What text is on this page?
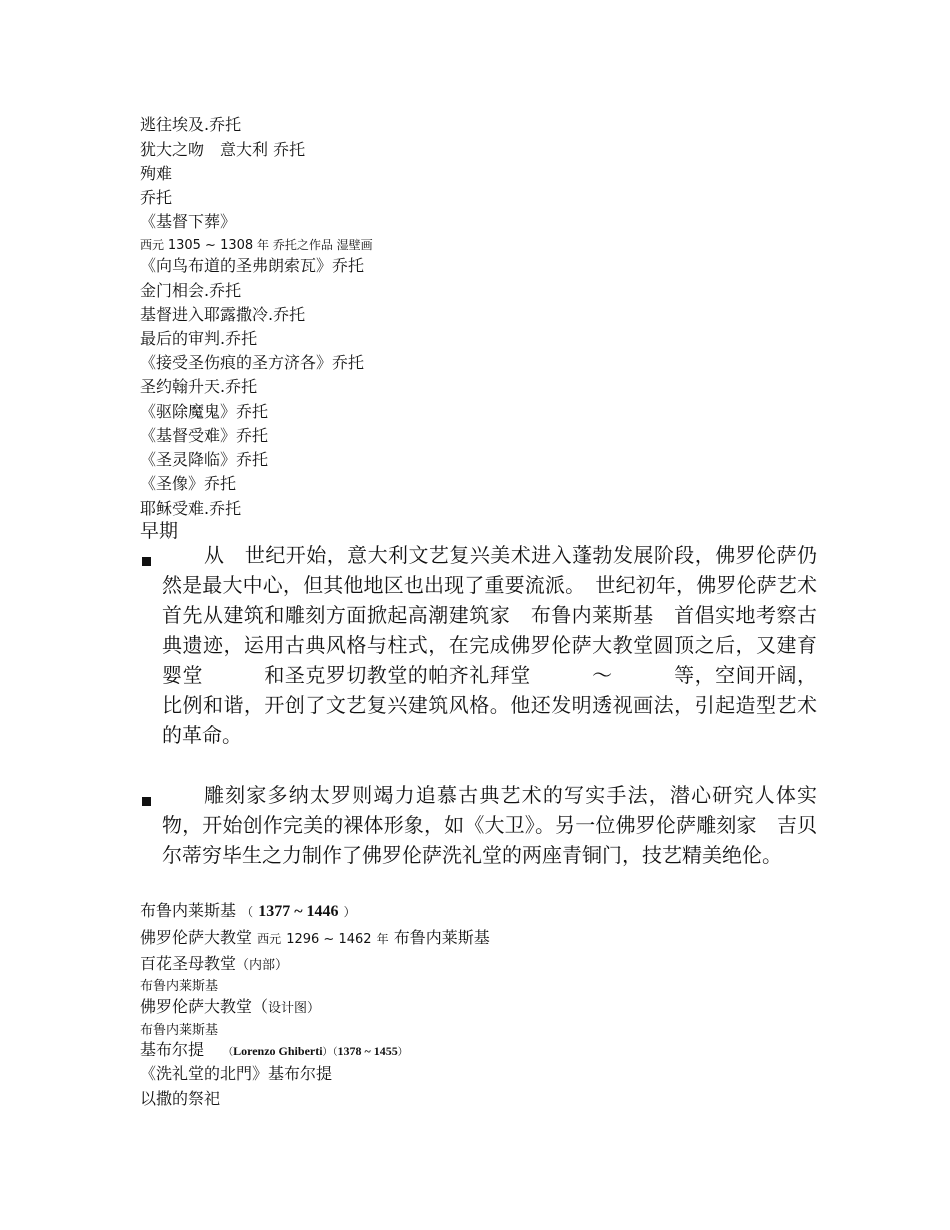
逃往埃及.乔托
犹大之吻　意大利 乔托
殉难
乔托
《基督下葬》
西元 1305 ~ 1308 年 乔托之作品 湿壁画
《向鸟布道的圣弗朗索瓦》乔托
金门相会.乔托
基督进入耶露撒冷.乔托
最后的审判.乔托
《接受圣伤痕的圣方济各》乔托
圣约翰升天.乔托
《驱除魔鬼》乔托
《基督受难》乔托
《圣灵降临》乔托
《圣像》乔托
耶稣受难.乔托
早期
从　世纪开始，意大利文艺复兴美术进入蓬勃发展阶段，佛罗伦萨仍然是最大中心，但其他地区也出现了重要流派。　世纪初年，佛罗伦萨艺术首先从建筑和雕刻方面掀起高潮建筑家　布鲁内莱斯基　首倡实地考察古典遗迹，运用古典风格与柱式，在完成佛罗伦萨大教堂圆顶之后，又建育婴堂　　　和圣克罗切教堂的帕齐礼拜堂　　　～　　　等，空间开阔，比例和谐，开创了文艺复兴建筑风格。他还发明透视画法，引起造型艺术的革命。
雕刻家多纳太罗则竭力追慕古典艺术的写实手法，潜心研究人体实物，开始创作完美的裸体形象，如《大卫》。另一位佛罗伦萨雕刻家　吉贝尔蒂穷毕生之力制作了佛罗伦萨洗礼堂的两座青铜门，技艺精美绝伦。
布鲁内莱斯基 （ 1377 ~ 1446 ）
佛罗伦萨大教堂 西元 1296 ~ 1462 年 布鲁内莱斯基
百花圣母教堂（内部）
布鲁内莱斯基
佛罗伦萨大教堂（设计图）
布鲁内莱斯基
基布尔提 （Lorenzo Ghiberti）（1378 ~ 1455）
《洗礼堂的北門》基布尔提
以撒的祭祀
